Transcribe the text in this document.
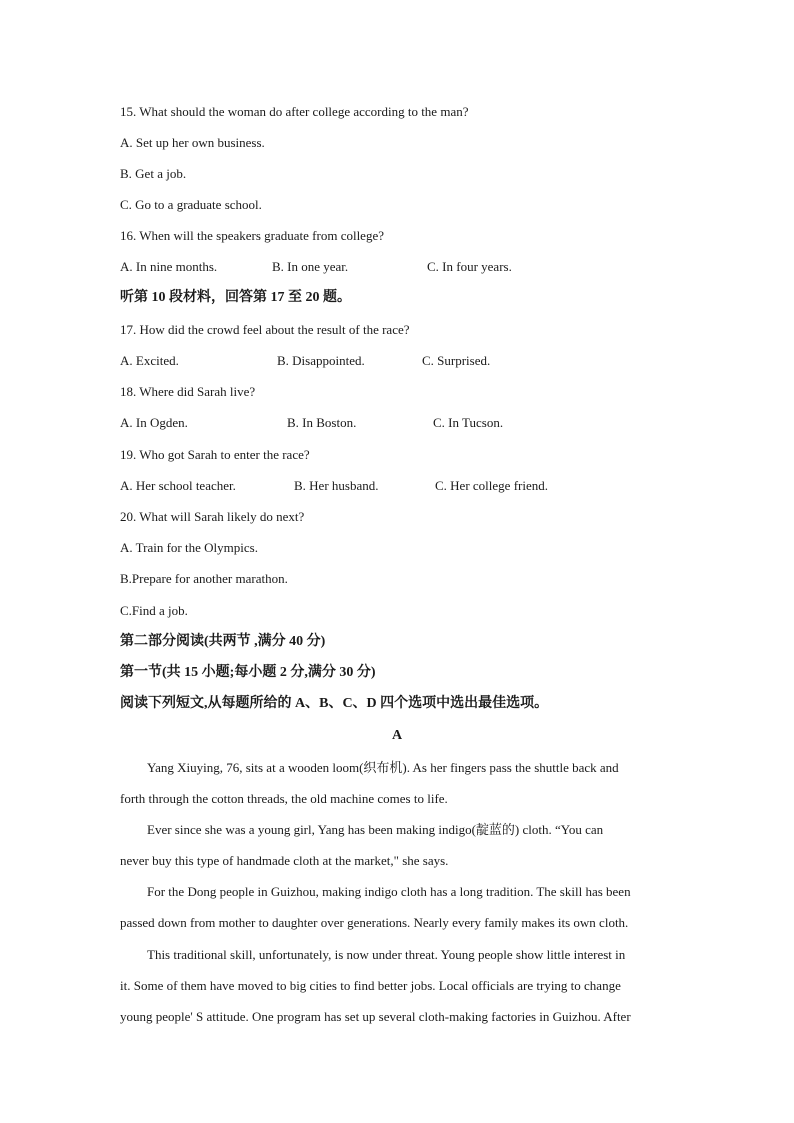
15. What should the woman do after college according to the man?
A. Set up her own business.
B. Get a job.
C. Go to a graduate school.
16. When will the speakers graduate from college?
A. In nine months.	B. In one year.	C. In four years.
听第 10 段材料，回答第 17 至 20 题。
17. How did the crowd feel about the result of the race?
A. Excited.	B. Disappointed.	C. Surprised.
18. Where did Sarah live?
A. In Ogden.	B. In Boston.	C. In Tucson.
19. Who got Sarah to enter the race?
A. Her school teacher.	B. Her husband.	C. Her college friend.
20. What will Sarah likely do next?
A. Train for the Olympics.
B.Prepare for another marathon.
C.Find a job.
第二部分阅读(共两节 ,满分 40 分)
第一节(共 15 小题;每小题 2 分,满分 30 分)
阅读下列短文,从每题所给的 A、B、C、D 四个选项中选出最佳选项。
A
Yang Xiuying, 76, sits at a wooden loom(织布机). As her fingers pass the shuttle back and
forth through the cotton threads, the old machine comes to life.
Ever since she was a young girl, Yang has been making indigo(靛蓝的) cloth. “You can
never buy this type of handmade cloth at the market," she says.
For the Dong people in Guizhou, making indigo cloth has a long tradition. The skill has been
passed down from mother to daughter over generations. Nearly every family makes its own cloth.
This traditional skill, unfortunately, is now under threat. Young people show little interest in
it. Some of them have moved to big cities to find better jobs. Local officials are trying to change
young people' S attitude. One program has set up several cloth-making factories in Guizhou. After
